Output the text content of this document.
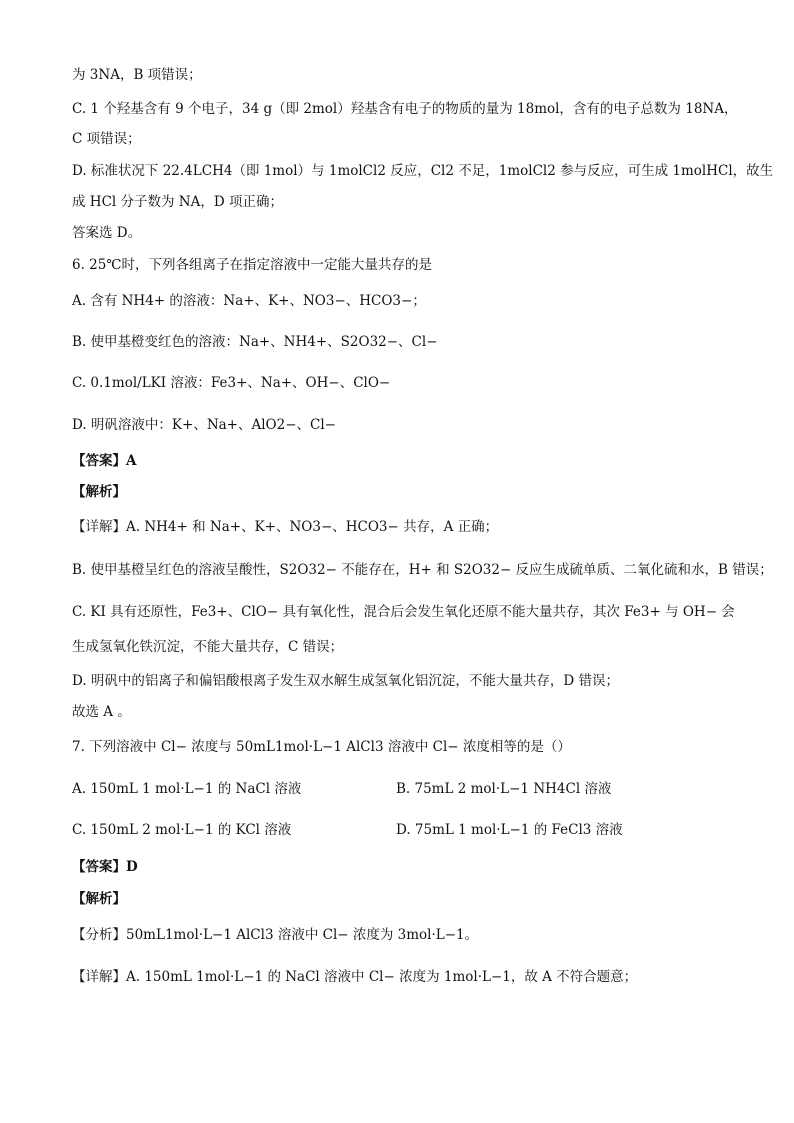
为 3NA，B 项错误；
C. 1 个羟基含有 9 个电子，34 g（即 2mol）羟基含有电子的物质的量为 18mol，含有的电子总数为 18NA，
C 项错误；
D. 标准状况下 22.4LCH4（即 1mol）与 1molCl2 反应，Cl2 不足，1molCl2 参与反应，可生成 1molHCl，故生
成 HCl 分子数为 NA，D 项正确；
答案选 D。
6. 25℃时，下列各组离子在指定溶液中一定能大量共存的是
A. 含有 NH4+ 的溶液：Na+、K+、NO3−、HCO3−；
B. 使甲基橙变红色的溶液：Na+、NH4+、S2O32−、Cl−
C. 0.1mol/LKI 溶液：Fe3+、Na+、OH−、ClO−
D. 明矾溶液中：K+、Na+、AlO2−、Cl−
【答案】A
【解析】
【详解】A. NH4+ 和 Na+、K+、NO3−、HCO3− 共存，A 正确；
B. 使甲基橙呈红色的溶液呈酸性，S2O32− 不能存在，H+ 和 S2O32− 反应生成硫单质、二氧化硫和水，B 错误；
C. KI 具有还原性，Fe3+、ClO− 具有氧化性，混合后会发生氧化还原不能大量共存，其次 Fe3+ 与 OH− 会
生成氢氧化铁沉淀，不能大量共存，C 错误；
D. 明矾中的铝离子和偏铝酸根离子发生双水解生成氢氧化铝沉淀，不能大量共存，D 错误；
故选 A 。
7. 下列溶液中 Cl− 浓度与 50mL1mol·L−1 AlCl3 溶液中 Cl− 浓度相等的是（）
A. 150mL 1 mol·L−1 的 NaCl 溶液	B. 75mL 2 mol·L−1 NH4Cl 溶液
C. 150mL 2 mol·L−1 的 KCl 溶液	D. 75mL 1 mol·L−1 的 FeCl3 溶液
【答案】D
【解析】
【分析】50mL1mol·L−1 AlCl3 溶液中 Cl− 浓度为 3mol·L−1。
【详解】A. 150mL 1mol·L−1 的 NaCl 溶液中 Cl− 浓度为 1mol·L−1，故 A 不符合题意；
